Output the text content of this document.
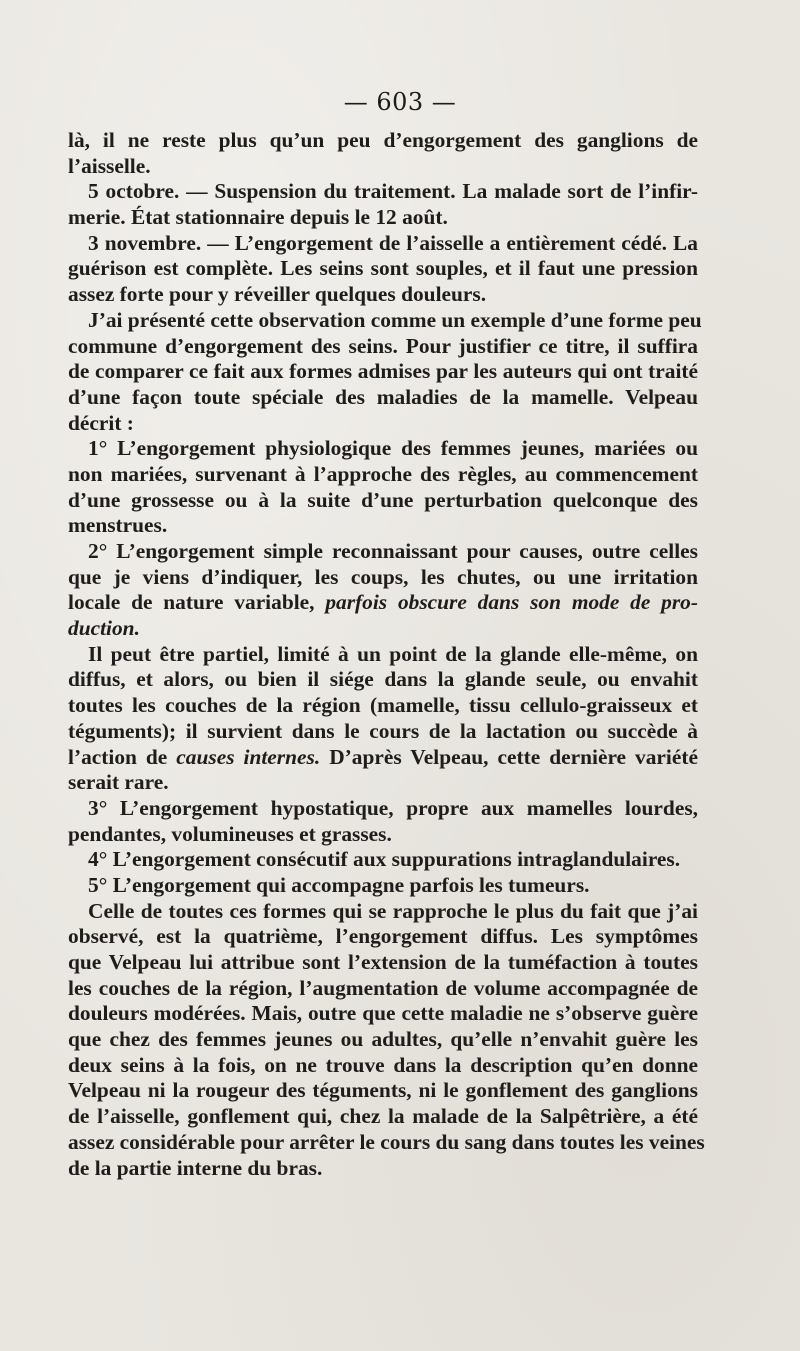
— 603 —
là, il ne reste plus qu’un peu d’engorgement des ganglions de
l’aisselle.
5 octobre. — Suspension du traitement. La malade sort de l’infir-
merie. État stationnaire depuis le 12 août.
3 novembre. — L’engorgement de l’aisselle a entièrement cédé. La
guérison est complète. Les seins sont souples, et il faut une pression
assez forte pour y réveiller quelques douleurs.
J’ai présenté cette observation comme un exemple d’une forme peu
commune d’engorgement des seins. Pour justifier ce titre, il suffira
de comparer ce fait aux formes admises par les auteurs qui ont traité
d’une façon toute spéciale des maladies de la mamelle. Velpeau
décrit :
1° L’engorgement physiologique des femmes jeunes, mariées ou
non mariées, survenant à l’approche des règles, au commencement
d’une grossesse ou à la suite d’une perturbation quelconque des
menstrues.
2° L’engorgement simple reconnaissant pour causes, outre celles
que je viens d’indiquer, les coups, les chutes, ou une irritation
locale de nature variable, parfois obscure dans son mode de pro-
duction.
Il peut être partiel, limité à un point de la glande elle-même, on
diffus, et alors, ou bien il siége dans la glande seule, ou envahit
toutes les couches de la région (mamelle, tissu cellulo-graisseux et
téguments); il survient dans le cours de la lactation ou succède à
l’action de causes internes. D’après Velpeau, cette dernière variété
serait rare.
3° L’engorgement hypostatique, propre aux mamelles lourdes,
pendantes, volumineuses et grasses.
4° L’engorgement consécutif aux suppurations intraglandulaires.
5° L’engorgement qui accompagne parfois les tumeurs.
Celle de toutes ces formes qui se rapproche le plus du fait que j’ai
observé, est la quatrième, l’engorgement diffus. Les symptômes
que Velpeau lui attribue sont l’extension de la tuméfaction à toutes
les couches de la région, l’augmentation de volume accompagnée de
douleurs modérées. Mais, outre que cette maladie ne s’observe guère
que chez des femmes jeunes ou adultes, qu’elle n’envahit guère les
deux seins à la fois, on ne trouve dans la description qu’en donne
Velpeau ni la rougeur des téguments, ni le gonflement des ganglions
de l’aisselle, gonflement qui, chez la malade de la Salpêtrière, a été
assez considérable pour arrêter le cours du sang dans toutes les veines
de la partie interne du bras.
